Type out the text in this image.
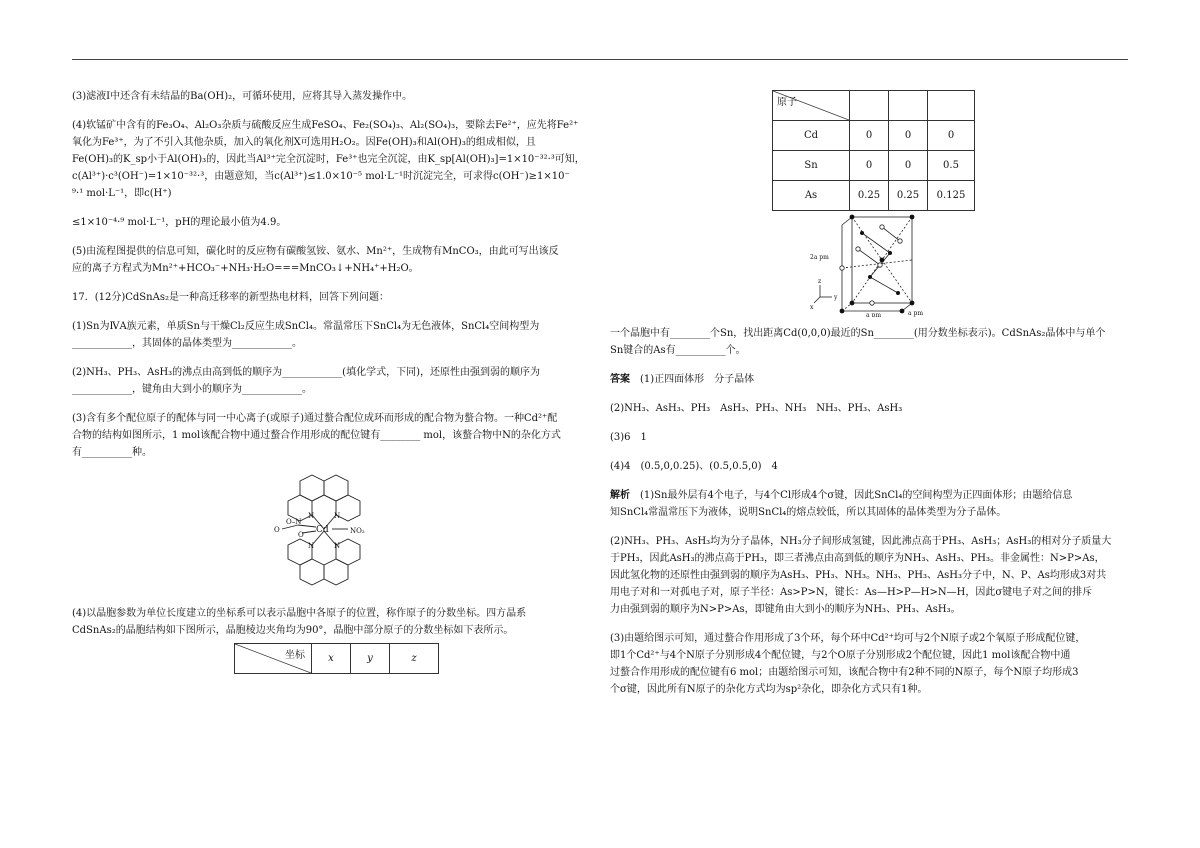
(3)滤液Ⅰ中还含有未结晶的Ba(OH)₂，可循环使用，应将其导入蒸发操作中。

(4)软锰矿中含有的Fe₃O₄、Al₂O₃杂质与硫酸反应生成FeSO₄、Fe₂(SO₄)₃、Al₂(SO₄)₃，要除去Fe²⁺，应先将Fe²⁺
氧化为Fe³⁺，为了不引入其他杂质，加入的氧化剂X可选用H₂O₂。因Fe(OH)₃和Al(OH)₃的组成相似，且
Fe(OH)₃的K_sp小于Al(OH)₃的，因此当Al³⁺完全沉淀时，Fe³⁺也完全沉淀，由K_sp[Al(OH)₃]=1×10⁻³²·³可知，
c(Al³⁺)·c³(OH⁻)=1×10⁻³²·³，由题意知，当c(Al³⁺)≤1.0×10⁻⁵ mol·L⁻¹时沉淀完全，可求得c(OH⁻)≥1×10⁻
⁹·¹ mol·L⁻¹，即c(H⁺)

≤1×10⁻⁴·⁹ mol·L⁻¹，pH的理论最小值为4.9。

(5)由流程图提供的信息可知，碳化时的反应物有碳酸氢铵、氨水、Mn²⁺，生成物有MnCO₃，由此可写出该反
应的离子方程式为Mn²⁺+HCO₃⁻+NH₃·H₂O===MnCO₃↓+NH₄⁺+H₂O。

17．(12分)CdSnAs₂是一种高迁移率的新型热电材料，回答下列问题：

(1)Sn为ⅣA族元素，单质Sn与干燥Cl₂反应生成SnCl₄。常温常压下SnCl₄为无色液体，SnCl₄空间构型为
____________，其固体的晶体类型为____________。
(2)NH₃、PH₃、AsH₃的沸点由高到低的顺序为____________(填化学式，下同)，还原性由强到弱的顺序为
____________，键角由大到小的顺序为____________。
(3)含有多个配位原子的配体与同一中心离子(或原子)通过螯合配位成环而形成的配合物为螯合物。一种Cd²⁺配
合物的结构如图所示，1 mol该配合物中通过螯合作用形成的配位键有________ mol，该螯合物中N的杂化方式
有__________种。
Cd	NO₂
O
O–N
O
N	N
N	N
(4)以晶胞参数为单位长度建立的坐标系可以表示晶胞中各原子的位置，称作原子的分数坐标。四方晶系
CdSnAs₂的晶胞结构如下图所示，晶胞棱边夹角均为90°，晶胞中部分原子的分数坐标如下表所示。
坐标	x	y	z
原子			

Cd	0	0	0
Sn	0	0	0.5
As	0.25	0.25	0.125
2a pm
a pm
a pm
z
y
x
一个晶胞中有________个Sn，找出距离Cd(0,0,0)最近的Sn________(用分数坐标表示)。CdSnAs₂晶体中与单个
Sn键合的As有__________个。

答案　 (1)正四面体形　分子晶体

(2)NH₃、AsH₃、PH₃　AsH₃、PH₃、NH₃　NH₃、PH₃、AsH₃

(3)6　1

(4)4　(0.5,0,0.25)、(0.5,0.5,0)　4

解析　 (1)Sn最外层有4个电子，与4个Cl形成4个σ键，因此SnCl₄的空间构型为正四面体形；由题给信息
知SnCl₄常温常压下为液体，说明SnCl₄的熔点较低，所以其固体的晶体类型为分子晶体。
(2)NH₃、PH₃、AsH₃均为分子晶体，NH₃分子间形成氢键，因此沸点高于PH₃、AsH₃；AsH₃的相对分子质量大
于PH₃，因此AsH₃的沸点高于PH₃，即三者沸点由高到低的顺序为NH₃、AsH₃、PH₃。非金属性：N>P>As，
因此氢化物的还原性由强到弱的顺序为AsH₃、PH₃、NH₃。NH₃、PH₃、AsH₃分子中，N、P、As均形成3对共
用电子对和一对孤电子对，原子半径：As>P>N，键长：As—H>P—H>N—H，因此σ键电子对之间的排斥
力由强到弱的顺序为N>P>As，即键角由大到小的顺序为NH₃、PH₃、AsH₃。
(3)由题给图示可知，通过螯合作用形成了3个环，每个环中Cd²⁺均可与2个N原子或2个氧原子形成配位键，
即1个Cd²⁺与4个N原子分别形成4个配位键，与2个O原子分别形成2个配位键，因此1 mol该配合物中通
过螯合作用形成的配位键有6 mol；由题给图示可知，该配合物中有2种不同的N原子，每个N原子均形成3
个σ键，因此所有N原子的杂化方式均为sp²杂化，即杂化方式只有1种。
